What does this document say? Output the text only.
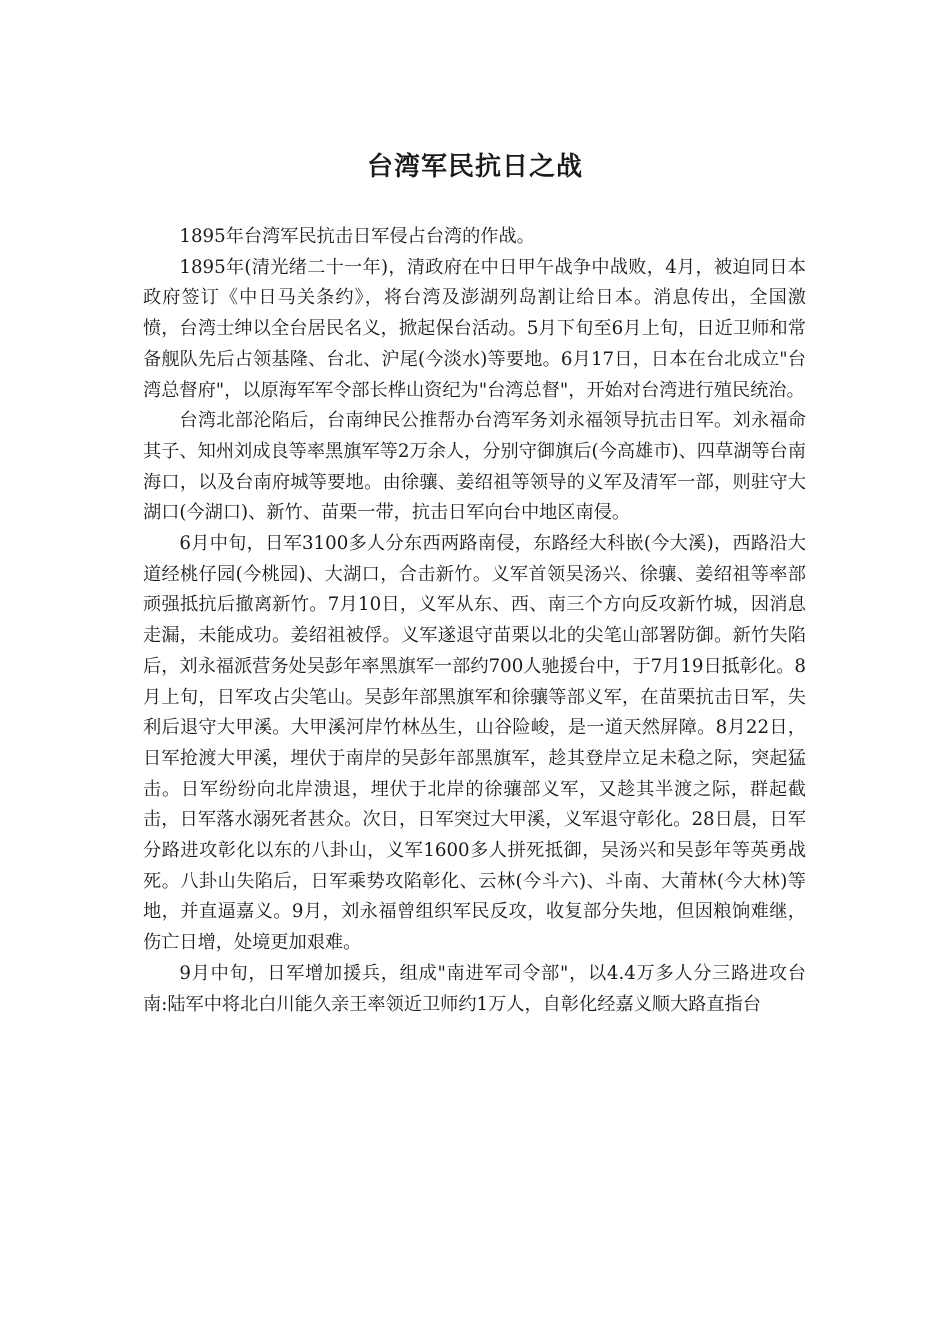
台湾军民抗日之战

1895年台湾军民抗击日军侵占台湾的作战。

1895年(清光绪二十一年)，清政府在中日甲午战争中战败，4月，被迫同日本政府签订《中日马关条约》，将台湾及澎湖列岛割让给日本。消息传出，全国激愤，台湾士绅以全台居民名义，掀起保台活动。5月下旬至6月上旬，日近卫师和常备舰队先后占领基隆、台北、沪尾(今淡水)等要地。6月17日，日本在台北成立"台湾总督府"，以原海军军令部长桦山资纪为"台湾总督"，开始对台湾进行殖民统治。

台湾北部沦陷后，台南绅民公推帮办台湾军务刘永福领导抗击日军。刘永福命其子、知州刘成良等率黑旗军等2万余人，分别守御旗后(今高雄市)、四草湖等台南海口，以及台南府城等要地。由徐骧、姜绍祖等领导的义军及清军一部，则驻守大湖口(今湖口)、新竹、苗栗一带，抗击日军向台中地区南侵。

6月中旬，日军3100多人分东西两路南侵，东路经大科嵌(今大溪)，西路沿大道经桃仔园(今桃园)、大湖口，合击新竹。义军首领吴汤兴、徐骧、姜绍祖等率部顽强抵抗后撤离新竹。7月10日，义军从东、西、南三个方向反攻新竹城，因消息走漏，未能成功。姜绍祖被俘。义军遂退守苗栗以北的尖笔山部署防御。新竹失陷后，刘永福派营务处吴彭年率黑旗军一部约700人驰援台中，于7月19日抵彰化。8月上旬，日军攻占尖笔山。吴彭年部黑旗军和徐骧等部义军，在苗栗抗击日军，失利后退守大甲溪。大甲溪河岸竹林丛生，山谷险峻，是一道天然屏障。8月22日，日军抢渡大甲溪，埋伏于南岸的吴彭年部黑旗军，趁其登岸立足未稳之际，突起猛击。日军纷纷向北岸溃退，埋伏于北岸的徐骧部义军，又趁其半渡之际，群起截击，日军落水溺死者甚众。次日，日军突过大甲溪，义军退守彰化。28日晨，日军分路进攻彰化以东的八卦山，义军1600多人拼死抵御，吴汤兴和吴彭年等英勇战死。八卦山失陷后，日军乘势攻陷彰化、云林(今斗六)、斗南、大莆林(今大林)等地，并直逼嘉义。9月，刘永福曾组织军民反攻，收复部分失地，但因粮饷难继，伤亡日增，处境更加艰难。

9月中旬，日军增加援兵，组成"南进军司令部"，以4.4万多人分三路进攻台南:陆军中将北白川能久亲王率领近卫师约1万人，自彰化经嘉义顺大路直指台
